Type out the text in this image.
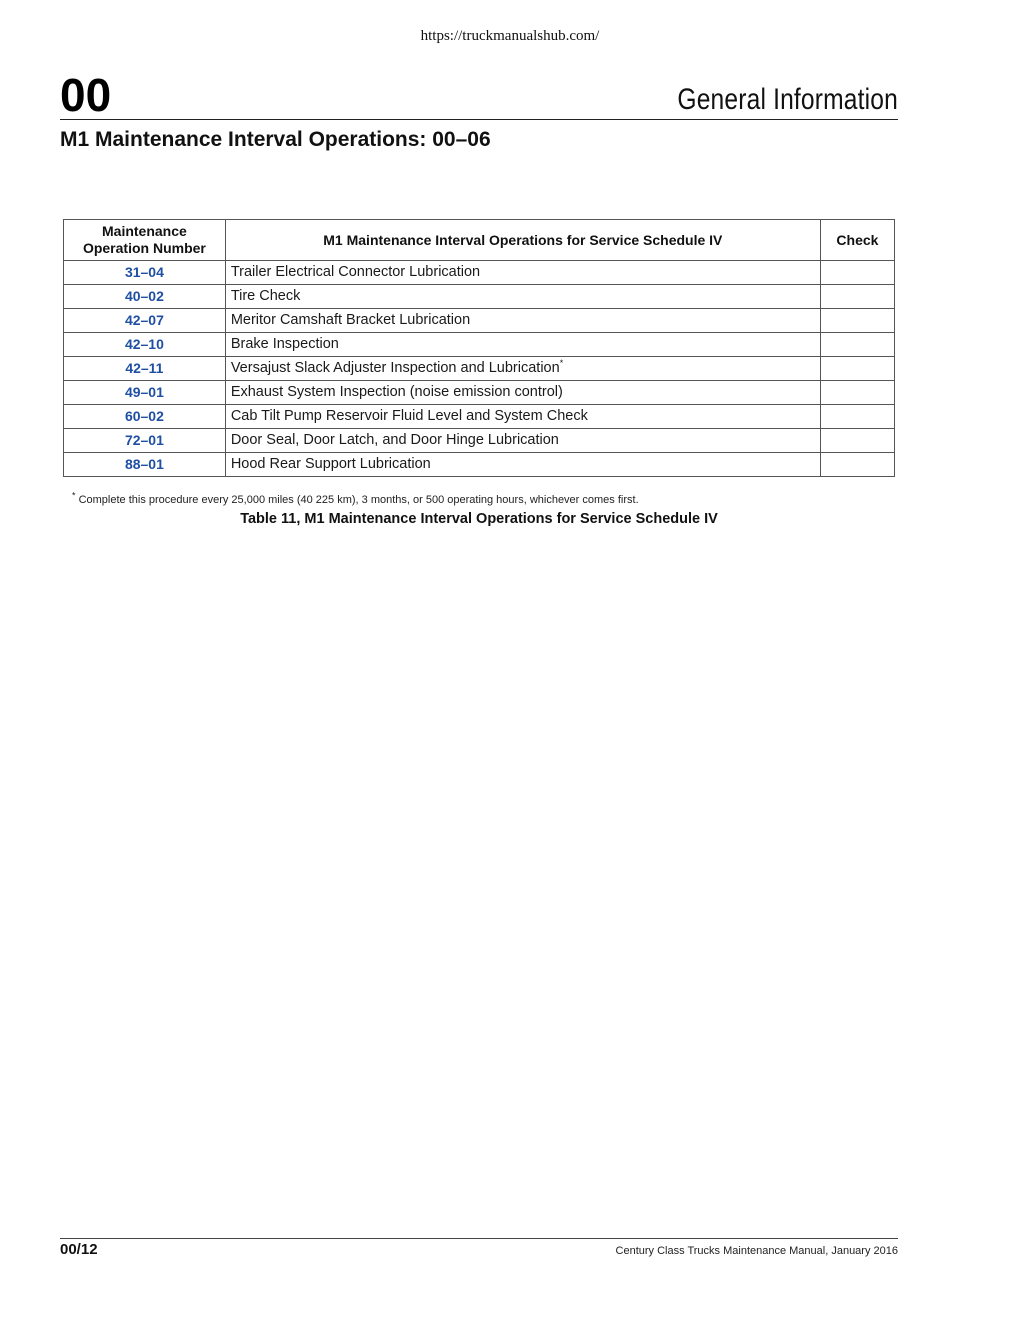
https://truckmanualshub.com/
00	General Information
M1 Maintenance Interval Operations: 00–06
Maintenance Operation Number	M1 Maintenance Interval Operations for Service Schedule IV	Check
31–04	Trailer Electrical Connector Lubrication	
40–02	Tire Check	
42–07	Meritor Camshaft Bracket Lubrication	
42–10	Brake Inspection	
42–11	Versajust Slack Adjuster Inspection and Lubrication*	
49–01	Exhaust System Inspection (noise emission control)	
60–02	Cab Tilt Pump Reservoir Fluid Level and System Check	
72–01	Door Seal, Door Latch, and Door Hinge Lubrication	
88–01	Hood Rear Support Lubrication	
* Complete this procedure every 25,000 miles (40 225 km), 3 months, or 500 operating hours, whichever comes first.
Table 11, M1 Maintenance Interval Operations for Service Schedule IV
00/12	Century Class Trucks Maintenance Manual, January 2016
